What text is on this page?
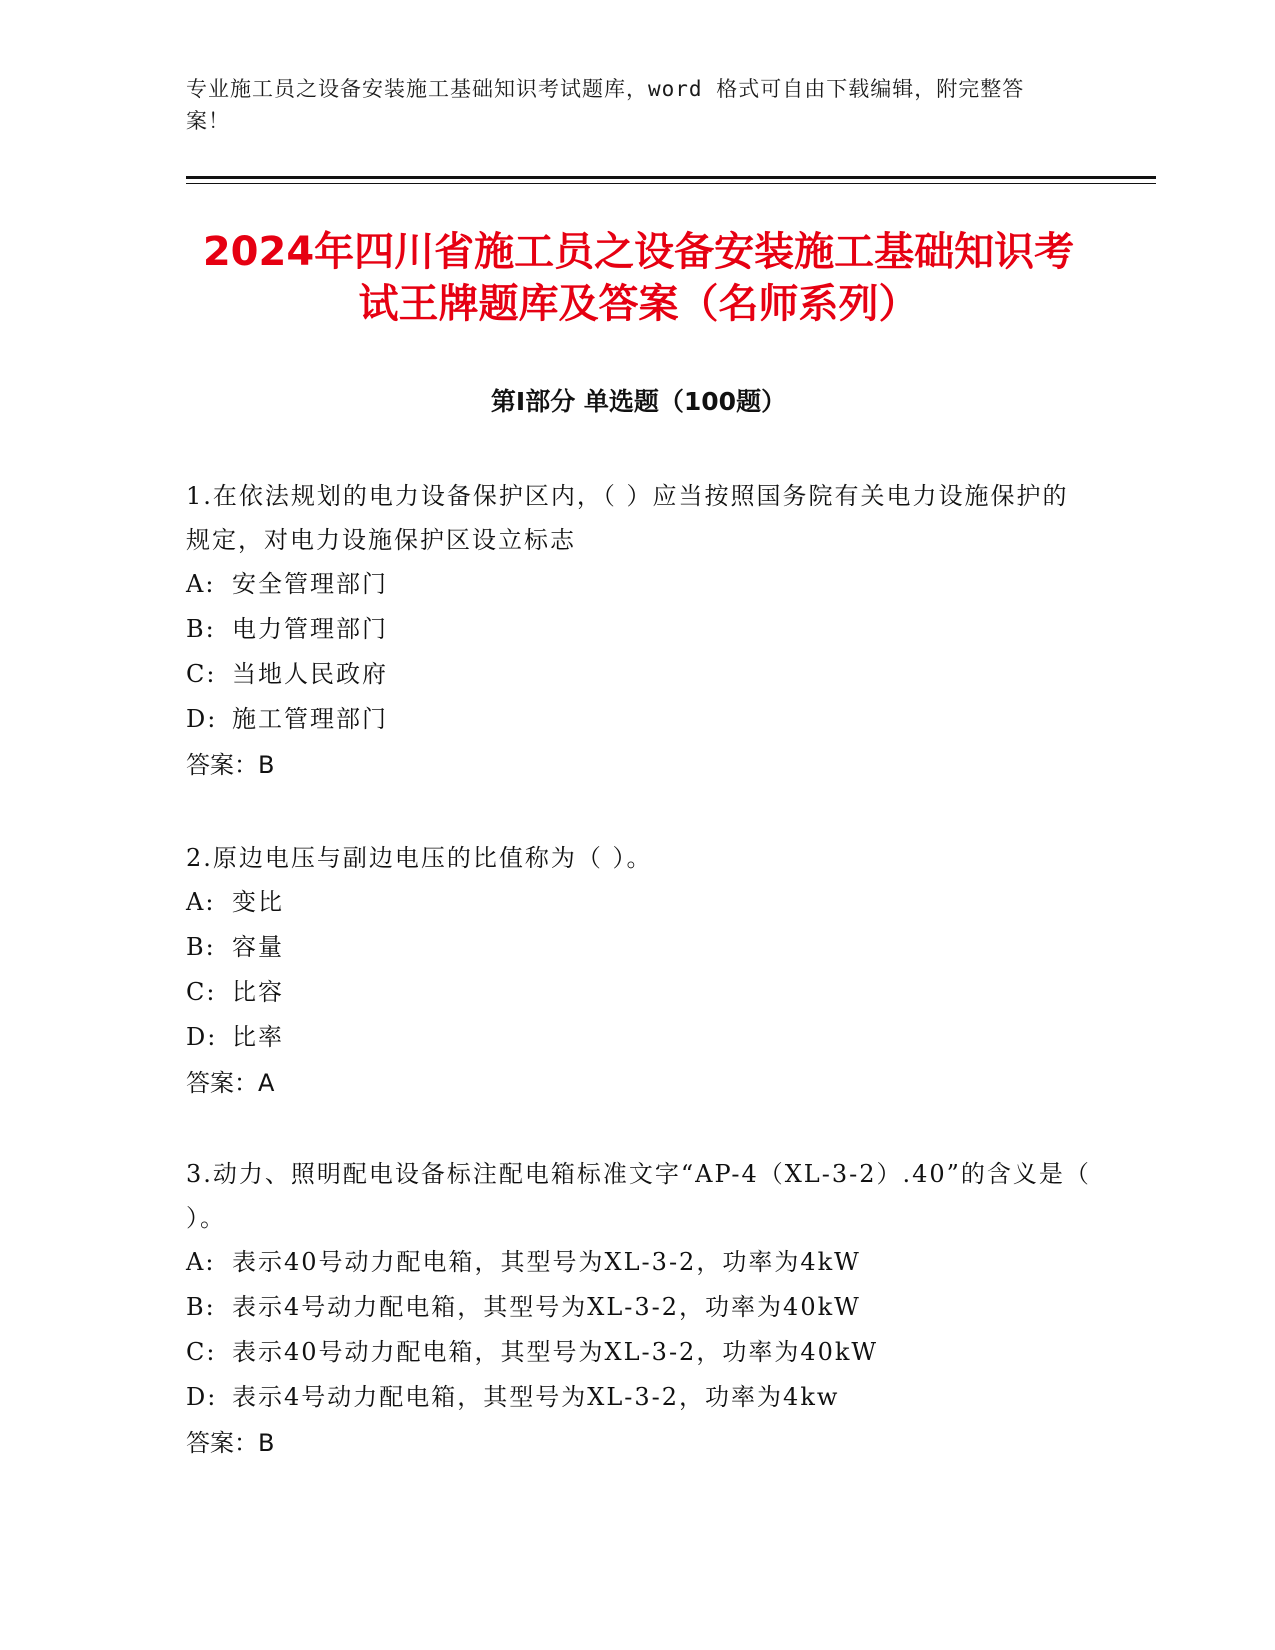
专业施工员之设备安装施工基础知识考试题库，word 格式可自由下载编辑，附完整答案！
2024年四川省施工员之设备安装施工基础知识考试王牌题库及答案（名师系列）
第Ⅰ部分 单选题（100题）

1.在依法规划的电力设备保护区内，（ ）应当按照国务院有关电力设施保护的规定，对电力设施保护区设立标志

A: 安全管理部门

B: 电力管理部门

C: 当地人民政府

D: 施工管理部门

答案：B

2.原边电压与副边电压的比值称为（ ）。

A: 变比

B: 容量

C: 比容

D: 比率

答案：A

3.动力、照明配电设备标注配电箱标准文字“AP-4（XL-3-2）.40”的含义是（ ）。

A: 表示40号动力配电箱，其型号为XL-3-2，功率为4kW

B: 表示4号动力配电箱，其型号为XL-3-2，功率为40kW

C: 表示40号动力配电箱，其型号为XL-3-2，功率为40kW

D: 表示4号动力配电箱，其型号为XL-3-2，功率为4kw

答案：B
